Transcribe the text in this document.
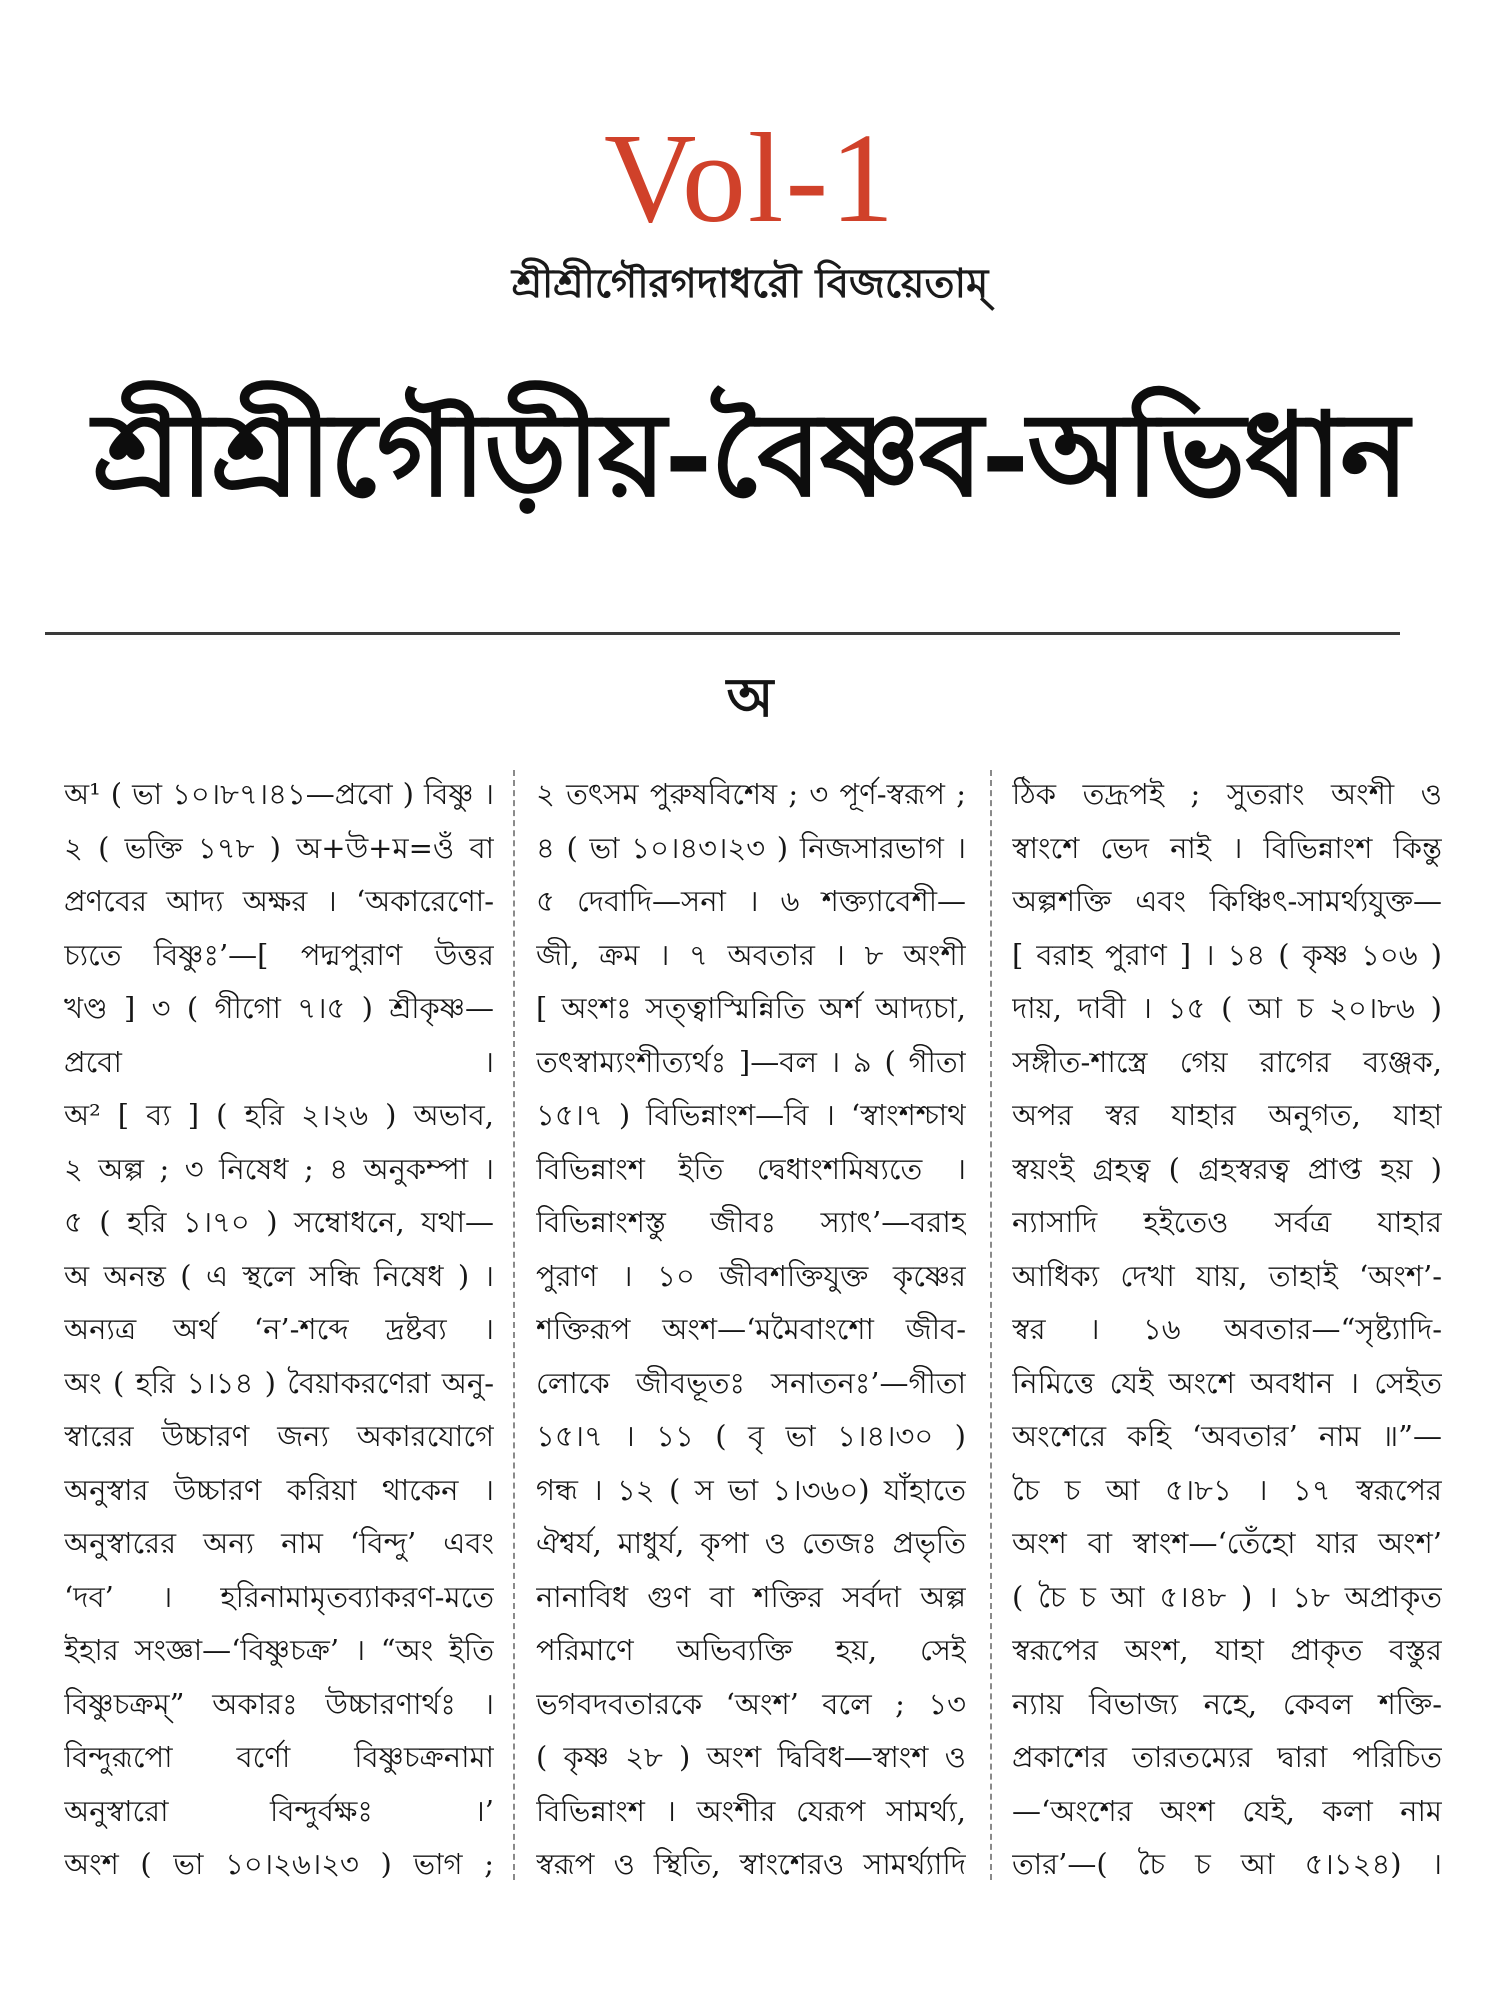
Vol-1
শ্রীশ্রীগৌরগদাধরৌ বিজয়েতাম্
শ্রীশ্রীগৌড়ীয়-বৈষ্ণব-অভিধান
অ
অ¹ ( ভা ১০।৮৭।৪১—প্রবো ) বিষ্ণু ।
২ ( ভক্তি ১৭৮ ) অ+উ+ম=ওঁ বা
প্রণবের আদ্য অক্ষর । ‘অকারেণো-
চ্যতে বিষ্ণুঃ’—[ পদ্মপুরাণ উত্তর
খণ্ড ] ৩ ( গীগো ৭।৫ ) শ্রীকৃষ্ণ—
প্রবো ।
অ² [ ব্য ] ( হরি ২।২৬ ) অভাব,
২ অল্প ; ৩ নিষেধ ; ৪ অনুকম্পা ।
৫ ( হরি ১।৭০ ) সম্বোধনে, যথা—
অ অনন্ত ( এ স্থলে সন্ধি নিষেধ ) ।
অন্যত্র অর্থ ‘ন’-শব্দে দ্রষ্টব্য ।
অং ( হরি ১।১৪ ) বৈয়াকরণেরা অনু-
স্বারের উচ্চারণ জন্য অকারযোগে
অনুস্বার উচ্চারণ করিয়া থাকেন ।
অনুস্বারের অন্য নাম ‘বিন্দু’ এবং
‘দব’ । হরিনামামৃতব্যাকরণ-মতে
ইহার সংজ্ঞা—‘বিষ্ণুচক্র’ । “অং ইতি
বিষ্ণুচক্রম্” অকারঃ উচ্চারণার্থঃ ।
বিন্দুরূপো বর্ণো বিষ্ণুচক্রনামা
অনুস্বারো বিন্দুর্বক্ষঃ ।’
অংশ ( ভা ১০।২৬।২৩ ) ভাগ ;
২ তৎসম পুরুষবিশেষ ; ৩ পূর্ণ-স্বরূপ ;
৪ ( ভা ১০।৪৩।২৩ ) নিজসারভাগ ।
৫ দেবাদি—সনা । ৬ শক্ত্যাবেশী—
জী, ক্রম । ৭ অবতার । ৮ অংশী
[ অংশঃ সত্ত্বাস্মিন্নিতি অর্শ আদ্যচা,
তৎস্বাম্যংশীত্যর্থঃ ]—বল । ৯ ( গীতা
১৫।৭ ) বিভিন্নাংশ—বি । ‘স্বাংশশ্চাথ
বিভিন্নাংশ ইতি দ্বেধাংশমিষ্যতে ।
বিভিন্নাংশস্তু জীবঃ স্যাৎ’—বরাহ
পুরাণ । ১০ জীবশক্তিযুক্ত কৃষ্ণের
শক্তিরূপ অংশ—‘মমৈবাংশো জীব-
লোকে জীবভূতঃ সনাতনঃ’—গীতা
১৫।৭ । ১১ ( বৃ ভা ১।৪।৩০ )
গন্ধ । ১২ ( স ভা ১।৩৬০) যাঁহাতে
ঐশ্বর্য, মাধুর্য, কৃপা ও তেজঃ প্রভৃতি
নানাবিধ গুণ বা শক্তির সর্বদা অল্প
পরিমাণে অভিব্যক্তি হয়, সেই
ভগবদবতারকে ‘অংশ’ বলে ; ১৩
( কৃষ্ণ ২৮ ) অংশ দ্বিবিধ—স্বাংশ ও
বিভিন্নাংশ । অংশীর যেরূপ সামর্থ্য,
স্বরূপ ও স্থিতি, স্বাংশেরও সামর্থ্যাদি
ঠিক তদ্রূপই ; সুতরাং অংশী ও
স্বাংশে ভেদ নাই । বিভিন্নাংশ কিন্তু
অল্পশক্তি এবং কিঞ্চিৎ-সামর্থ্যযুক্ত—
[ বরাহ পুরাণ ] । ১৪ ( কৃষ্ণ ১০৬ )
দায়, দাবী । ১৫ ( আ চ ২০।৮৬ )
সঙ্গীত-শাস্ত্রে গেয় রাগের ব্যঞ্জক,
অপর স্বর যাহার অনুগত, যাহা
স্বয়ংই গ্রহত্ব ( গ্রহস্বরত্ব প্রাপ্ত হয় )
ন্যাসাদি হইতেও সর্বত্র যাহার
আধিক্য দেখা যায়, তাহাই ‘অংশ’-
স্বর । ১৬ অবতার—“সৃষ্ট্যাদি-
নিমিত্তে যেই অংশে অবধান । সেইত
অংশেরে কহি ‘অবতার’ নাম ॥”—
চৈ চ আ ৫।৮১ । ১৭ স্বরূপের
অংশ বা স্বাংশ—‘তেঁহো যার অংশ’
( চৈ চ আ ৫।৪৮ ) । ১৮ অপ্রাকৃত
স্বরূপের অংশ, যাহা প্রাকৃত বস্তুর
ন্যায় বিভাজ্য নহে, কেবল শক্তি-
প্রকাশের তারতম্যের দ্বারা পরিচিত
—‘অংশের অংশ যেই, কলা নাম
তার’—( চৈ চ আ ৫।১২৪) ।
